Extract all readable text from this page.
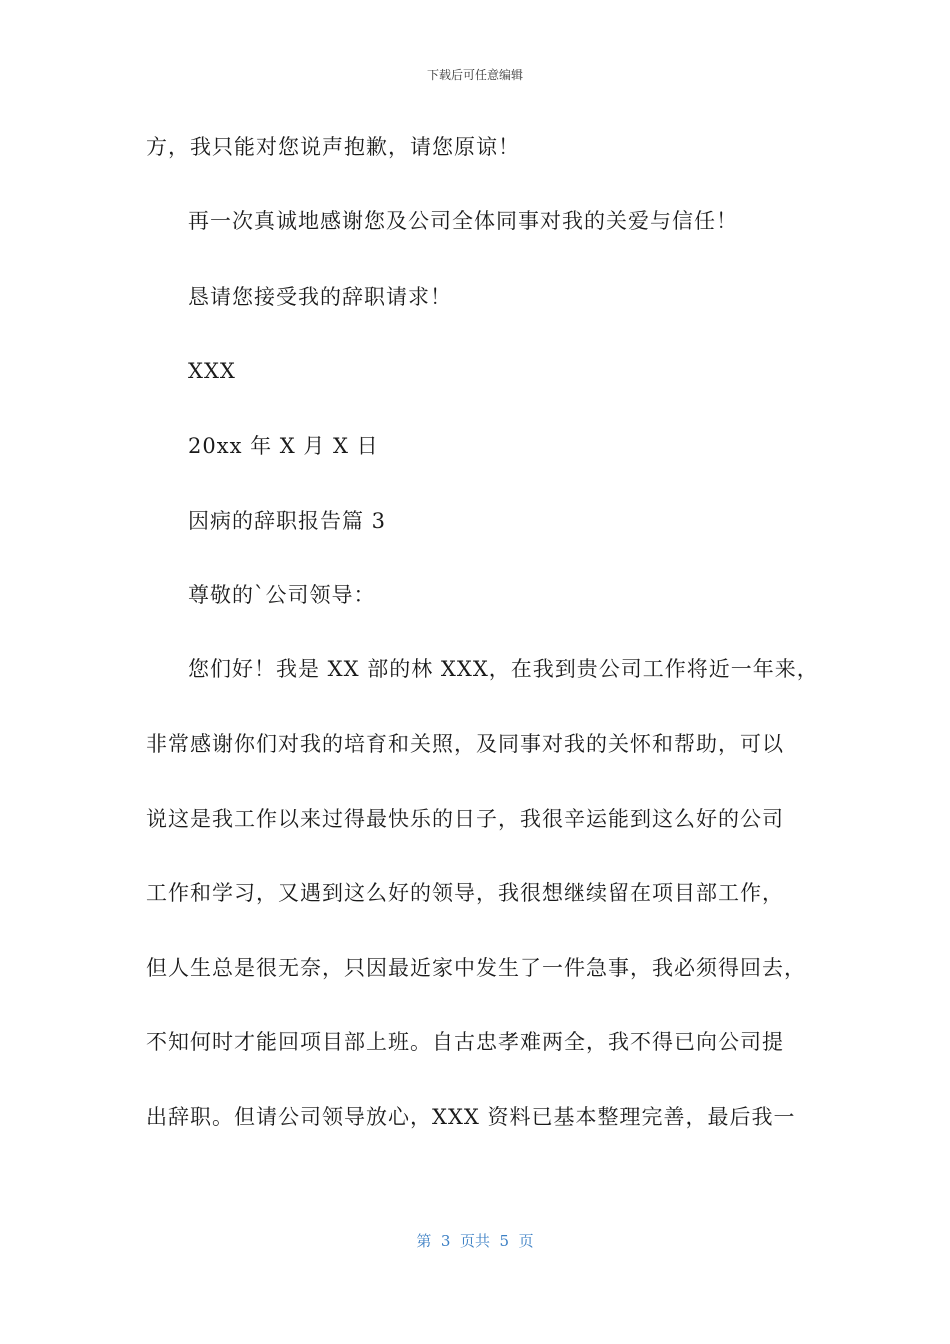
下载后可任意编辑
方，我只能对您说声抱歉，请您原谅！
再一次真诚地感谢您及公司全体同事对我的关爱与信任！
恳请您接受我的辞职请求！
XXX
20xx 年 X 月 X 日
因病的辞职报告篇 3
尊敬的`公司领导：
您们好！我是 XX 部的林 XXX，在我到贵公司工作将近一年来，
非常感谢你们对我的培育和关照，及同事对我的关怀和帮助，可以
说这是我工作以来过得最快乐的日子，我很辛运能到这么好的公司
工作和学习，又遇到这么好的领导，我很想继续留在项目部工作，
但人生总是很无奈，只因最近家中发生了一件急事，我必须得回去，
不知何时才能回项目部上班。自古忠孝难两全，我不得已向公司提
出辞职。但请公司领导放心，XXX 资料已基本整理完善，最后我一
第  3  页共  5  页
